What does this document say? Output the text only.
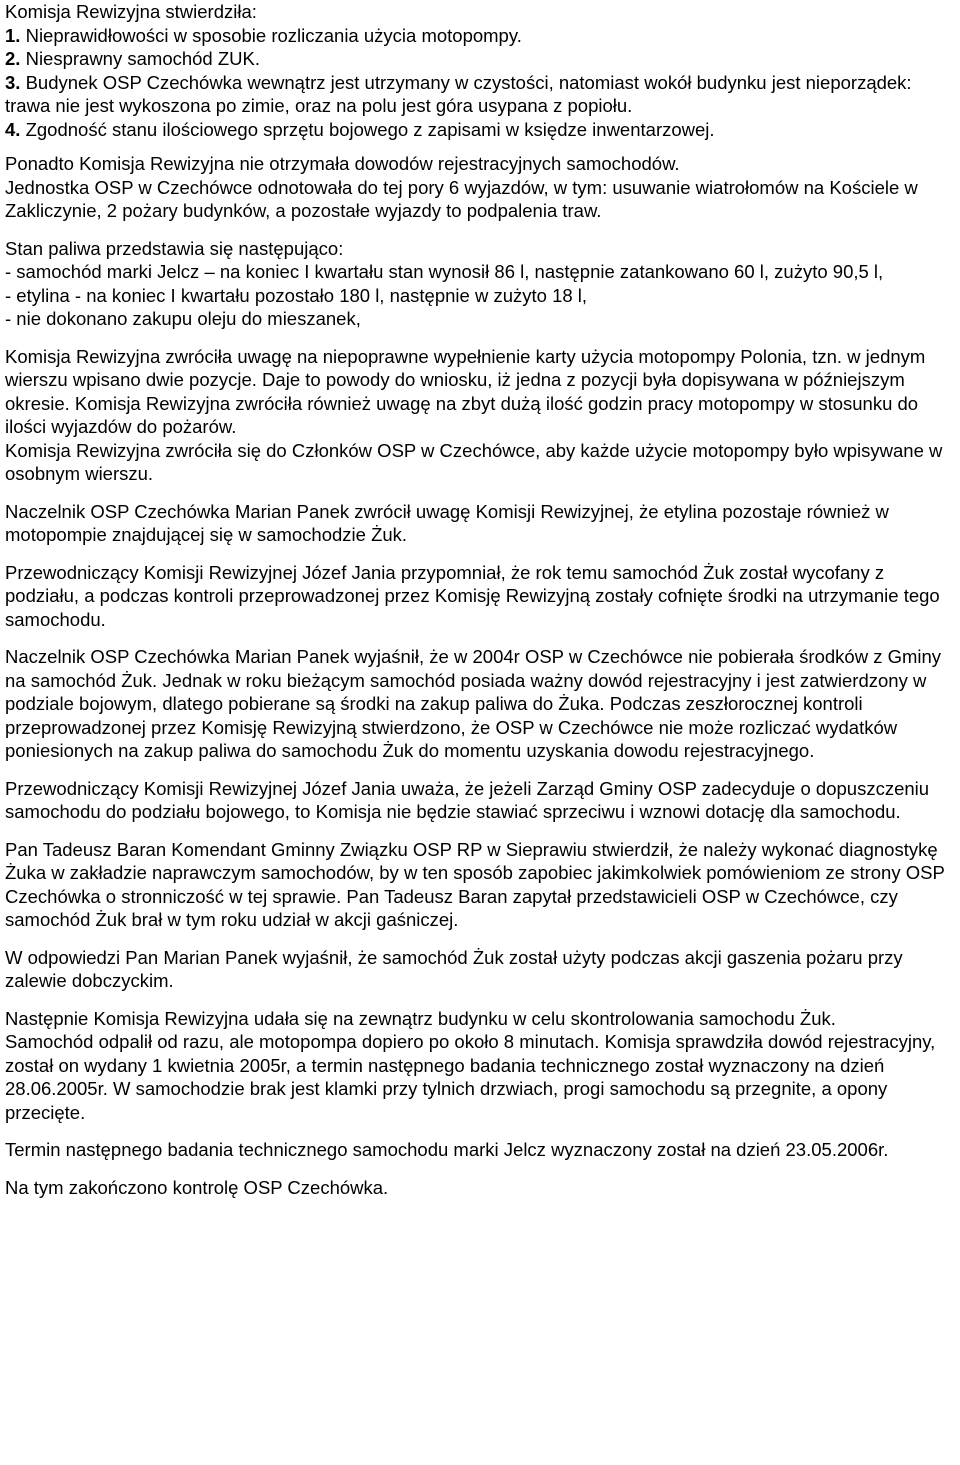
Komisja Rewizyjna stwierdziła:
1. Nieprawidłowości w sposobie rozliczania użycia motopompy.
2. Niesprawny samochód ZUK.
3. Budynek OSP Czechówka wewnątrz jest utrzymany w czystości, natomiast wokół budynku jest nieporządek: trawa nie jest wykoszona po zimie, oraz na polu jest góra usypana z popiołu.
4. Zgodność stanu ilościowego sprzętu bojowego z zapisami w księdze inwentarzowej.

Ponadto Komisja Rewizyjna nie otrzymała dowodów rejestracyjnych samochodów.

Jednostka OSP w Czechówce odnotowała do tej pory 6 wyjazdów, w tym: usuwanie wiatrołomów na Kościele w Zakliczynie, 2 pożary budynków, a pozostałe wyjazdy to podpalenia traw.

Stan paliwa przedstawia się następująco:
- samochód marki Jelcz – na koniec I kwartału stan wynosił 86 l, następnie zatankowano 60 l, zużyto 90,5 l,
- etylina - na koniec I kwartału pozostało 180 l, następnie w zużyto 18 l,
- nie dokonano zakupu oleju do mieszanek,

Komisja Rewizyjna zwróciła uwagę na niepoprawne wypełnienie karty użycia motopompy Polonia, tzn. w jednym wierszu wpisano dwie pozycje. Daje to powody do wniosku, iż jedna z pozycji była dopisywana w późniejszym okresie. Komisja Rewizyjna zwróciła również uwagę na zbyt dużą ilość godzin pracy motopompy w stosunku do ilości wyjazdów do pożarów.

Komisja Rewizyjna zwróciła się do Członków OSP w Czechówce, aby każde użycie motopompy było wpisywane w osobnym wierszu.

Naczelnik OSP Czechówka Marian Panek zwrócił uwagę Komisji Rewizyjnej, że etylina pozostaje również w motopompie znajdującej się w samochodzie Żuk.

Przewodniczący Komisji Rewizyjnej Józef Jania przypomniał, że rok temu samochód Żuk został wycofany z podziału, a podczas kontroli przeprowadzonej przez Komisję Rewizyjną zostały cofnięte środki na utrzymanie tego samochodu.

Naczelnik OSP Czechówka Marian Panek wyjaśnił, że w 2004r OSP w Czechówce nie pobierała środków z Gminy na samochód Żuk. Jednak w roku bieżącym samochód posiada ważny dowód rejestracyjny i jest zatwierdzony w podziale bojowym, dlatego pobierane są środki na zakup paliwa do Żuka. Podczas zeszłorocznej kontroli przeprowadzonej przez Komisję Rewizyjną stwierdzono, że OSP w Czechówce nie może rozliczać wydatków poniesionych na zakup paliwa do samochodu Żuk do momentu uzyskania dowodu rejestracyjnego.

Przewodniczący Komisji Rewizyjnej Józef Jania uważa, że jeżeli Zarząd Gminy OSP zadecyduje o dopuszczeniu samochodu do podziału bojowego, to Komisja nie będzie stawiać sprzeciwu i wznowi dotację dla samochodu.

Pan Tadeusz Baran Komendant Gminny Związku OSP RP w Sieprawiu stwierdził, że należy wykonać diagnostykę Żuka w zakładzie naprawczym samochodów, by w ten sposób zapobiec jakimkolwiek pomówieniom ze strony OSP Czechówka o stronniczość w tej sprawie. Pan Tadeusz Baran zapytał przedstawicieli OSP w Czechówce, czy samochód Żuk brał w tym roku udział w akcji gaśniczej.

W odpowiedzi Pan Marian Panek wyjaśnił, że samochód Żuk został użyty podczas akcji gaszenia pożaru przy zalewie dobczyckim.

Następnie Komisja Rewizyjna udała się na zewnątrz budynku w celu skontrolowania samochodu Żuk.

Samochód odpalił od razu, ale motopompa dopiero po około 8 minutach. Komisja sprawdziła dowód rejestracyjny, został on wydany 1 kwietnia 2005r, a termin następnego badania technicznego został wyznaczony na dzień 28.06.2005r. W samochodzie brak jest klamki przy tylnich drzwiach, progi samochodu są przegnite, a opony przecięte.

Termin następnego badania technicznego samochodu marki Jelcz wyznaczony został na dzień 23.05.2006r.

Na tym zakończono kontrolę OSP Czechówka.
